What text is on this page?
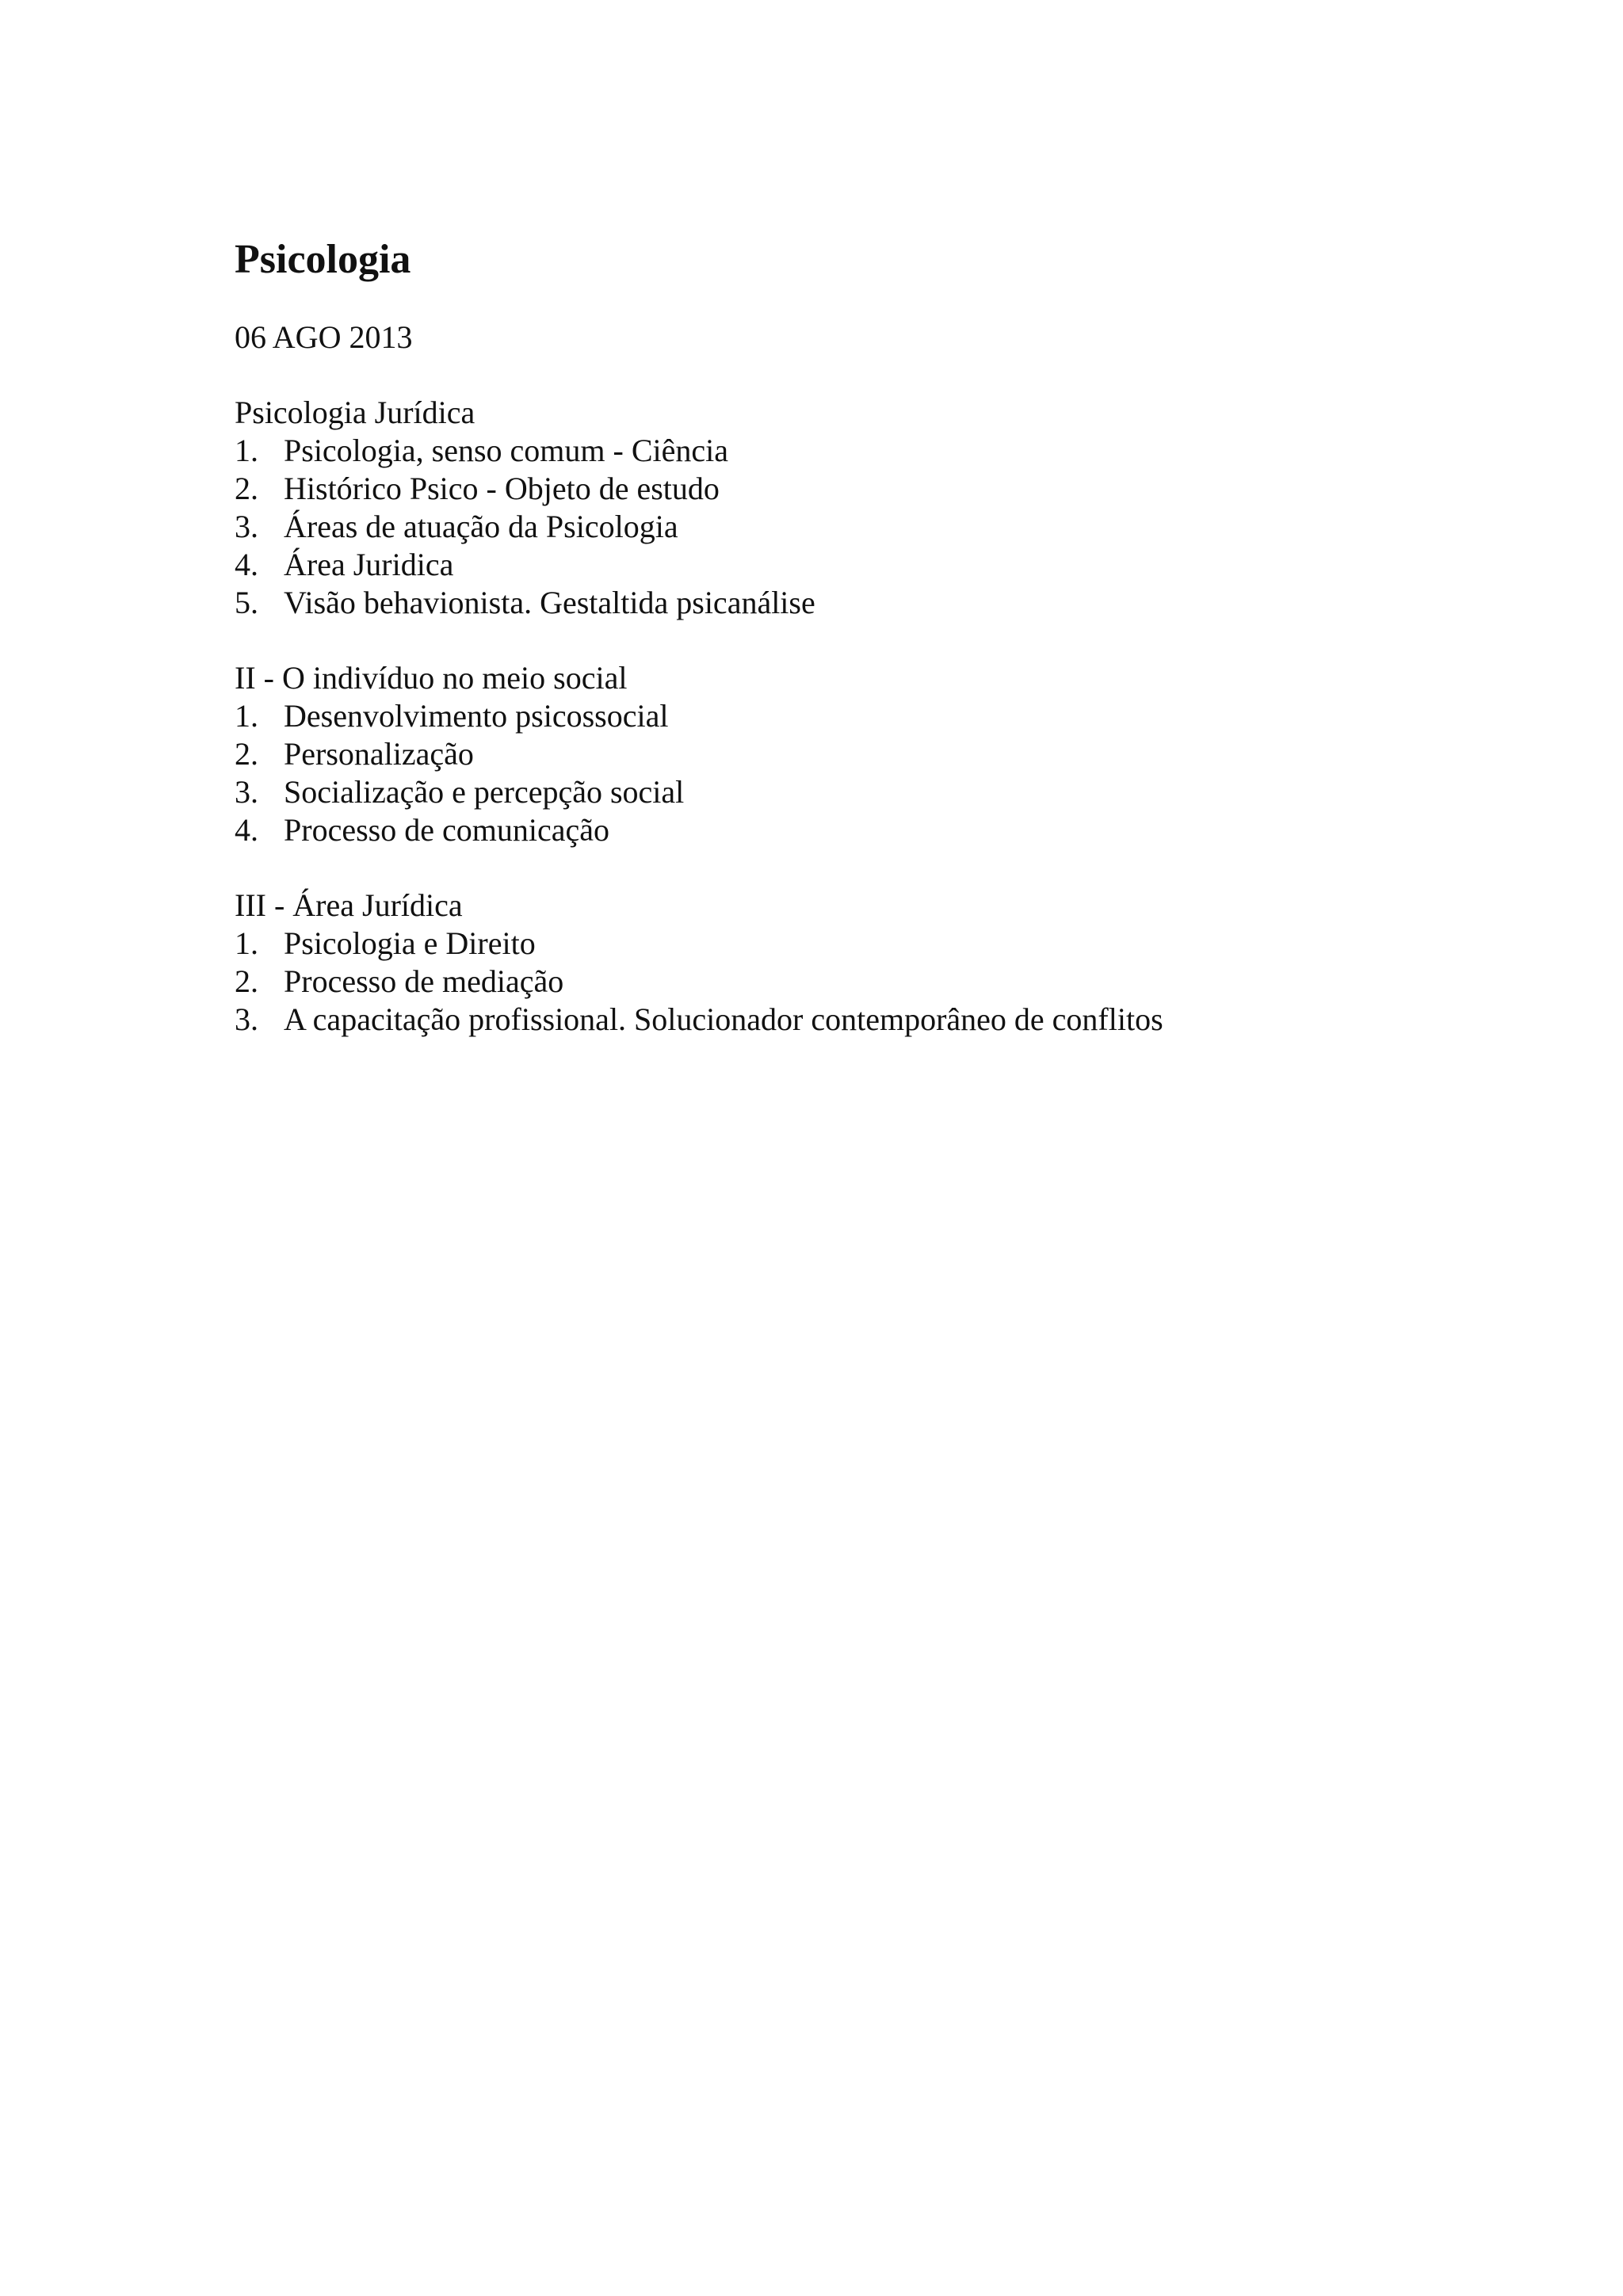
Psicologia
06 AGO 2013
Psicologia Jurídica
1. Psicologia, senso comum - Ciência
2. Histórico Psico - Objeto de estudo
3. Áreas de atuação da Psicologia
4. Área Juridica
5. Visão behavionista. Gestaltida psicanálise
II - O indivíduo no meio social
1. Desenvolvimento psicossocial
2. Personalização
3. Socialização e percepção social
4. Processo de comunicação
III - Área Jurídica
1. Psicologia e Direito
2. Processo de mediação
3. A capacitação profissional. Solucionador contemporâneo de conflitos
